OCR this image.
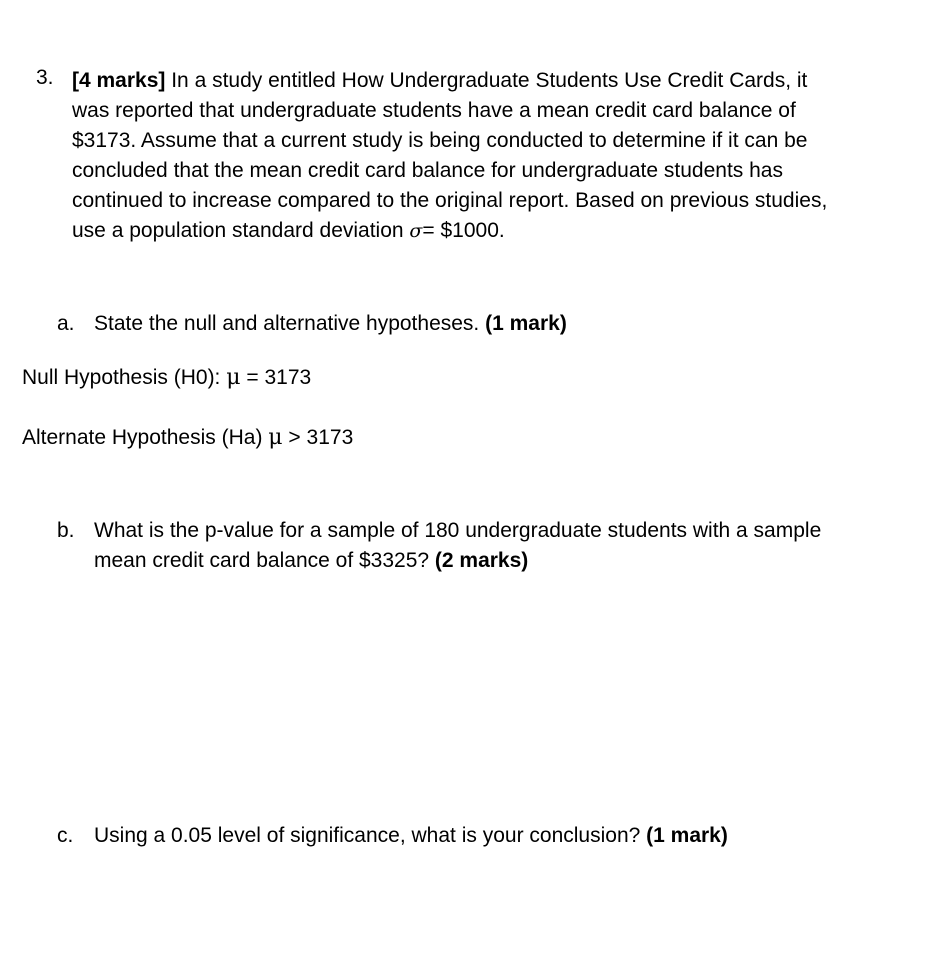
3. [4 marks] In a study entitled How Undergraduate Students Use Credit Cards, it
was reported that undergraduate students have a mean credit card balance of
$3173. Assume that a current study is being conducted to determine if it can be
concluded that the mean credit card balance for undergraduate students has
continued to increase compared to the original report. Based on previous studies,
use a population standard deviation σ= $1000.
a. State the null and alternative hypotheses. (1 mark)
Null Hypothesis (H0): μ = 3173
Alternate Hypothesis (Ha) μ > 3173
b. What is the p-value for a sample of 180 undergraduate students with a sample
mean credit card balance of $3325? (2 marks)
c. Using a 0.05 level of significance, what is your conclusion? (1 mark)
